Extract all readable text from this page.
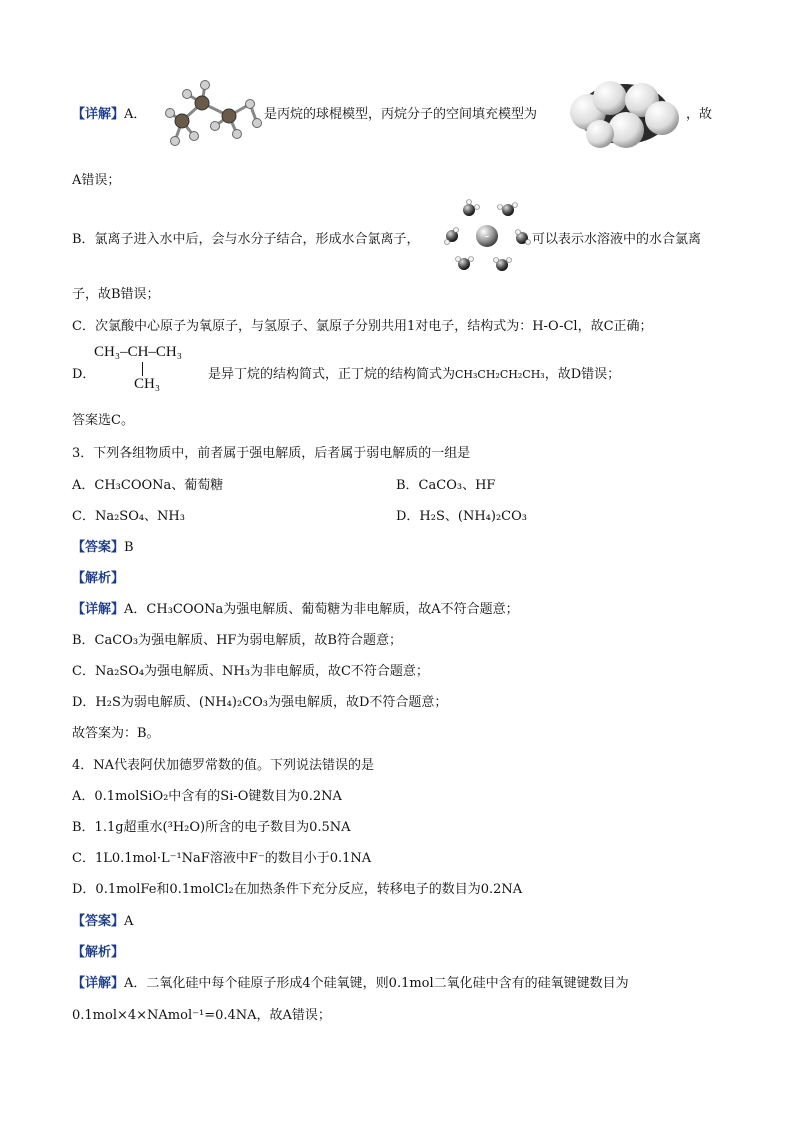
【详解】A．	是丙烷的球棍模型，丙烷分子的空间填充模型为	，故
A错误；
B．氯离子进入水中后，会与水分子结合，形成水合氯离子，	-	可以表示水溶液中的水合氯离
子，故B错误；
C．次氯酸中心原子为氧原子，与氢原子、氯原子分别共用1对电子，结构式为：H-O-Cl，故C正确；
D．
CH₃–CH–CH₃
CH₃
是异丁烷的结构简式，正丁烷的结构简式为CH₃CH₂CH₂CH₃，故D错误；
答案选C。
3．下列各组物质中，前者属于强电解质，后者属于弱电解质的一组是
A．CH₃COONa、葡萄糖	B．CaCO₃、HF
C．Na₂SO₄、NH₃	D．H₂S、(NH₄)₂CO₃
【答案】B
【解析】
【详解】A．CH₃COONa为强电解质、葡萄糖为非电解质，故A不符合题意；
B．CaCO₃为强电解质、HF为弱电解质，故B符合题意；
C．Na₂SO₄为强电解质、NH₃为非电解质，故C不符合题意；
D．H₂S为弱电解质、(NH₄)₂CO₃为强电解质，故D不符合题意；
故答案为：B。
4．NA代表阿伏加德罗常数的值。下列说法错误的是
A．0.1molSiO₂中含有的Si-O键数目为0.2NA
B．1.1g超重水(³H₂O)所含的电子数目为0.5NA
C．1L0.1mol·L⁻¹NaF溶液中F⁻的数目小于0.1NA
D．0.1molFe和0.1molCl₂在加热条件下充分反应，转移电子的数目为0.2NA
【答案】A
【解析】
【详解】A．二氧化硅中每个硅原子形成4个硅氧键，则0.1mol二氧化硅中含有的硅氧键键数目为
0.1mol×4×NAmol⁻¹=0.4NA，故A错误；
